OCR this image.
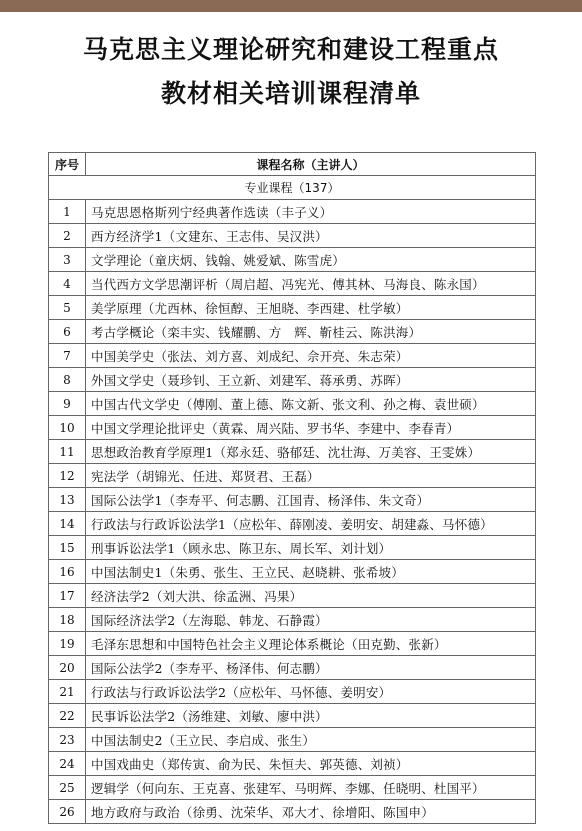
马克思主义理论研究和建设工程重点
教材相关培训课程清单
序号	课程名称（主讲人）
专业课程（137）	
1	马克思恩格斯列宁经典著作选读（丰子义）
2	西方经济学1（文建东、王志伟、吴汉洪）
3	文学理论（童庆炳、钱翰、姚爱斌、陈雪虎）
4	当代西方文学思潮评析（周启超、冯宪光、傅其林、马海良、陈永国）
5	美学原理（尤西林、徐恒醇、王旭晓、李西建、杜学敏）
6	考古学概论（栾丰实、钱耀鹏、方　辉、靳桂云、陈洪海）
7	中国美学史（张法、刘方喜、刘成纪、佘开亮、朱志荣）
8	外国文学史（聂珍钊、王立新、刘建军、蒋承勇、苏晖）
9	中国古代文学史（傅刚、董上德、陈文新、张文利、孙之梅、袁世硕）
10	中国文学理论批评史（黄霖、周兴陆、罗书华、李建中、李春青）
11	思想政治教育学原理1（郑永廷、骆郁廷、沈壮海、万美容、王雯姝）
12	宪法学（胡锦光、任进、郑贤君、王磊）
13	国际公法学1（李寿平、何志鹏、江国青、杨泽伟、朱文奇）
14	行政法与行政诉讼法学1（应松年、薛刚凌、姜明安、胡建淼、马怀德）
15	刑事诉讼法学1（顾永忠、陈卫东、周长军、刘计划）
16	中国法制史1（朱勇、张生、王立民、赵晓耕、张希坡）
17	经济法学2（刘大洪、徐孟洲、冯果）
18	国际经济法学2（左海聪、韩龙、石静霞）
19	毛泽东思想和中国特色社会主义理论体系概论（田克勤、张新）
20	国际公法学2（李寿平、杨泽伟、何志鹏）
21	行政法与行政诉讼法学2（应松年、马怀德、姜明安）
22	民事诉讼法学2（汤维建、刘敏、廖中洪）
23	中国法制史2（王立民、李启成、张生）
24	中国戏曲史（郑传寅、俞为民、朱恒夫、郭英德、刘祯）
25	逻辑学（何向东、王克喜、张建军、马明辉、李娜、任晓明、杜国平）
26	地方政府与政治（徐勇、沈荣华、邓大才、徐增阳、陈国申）
